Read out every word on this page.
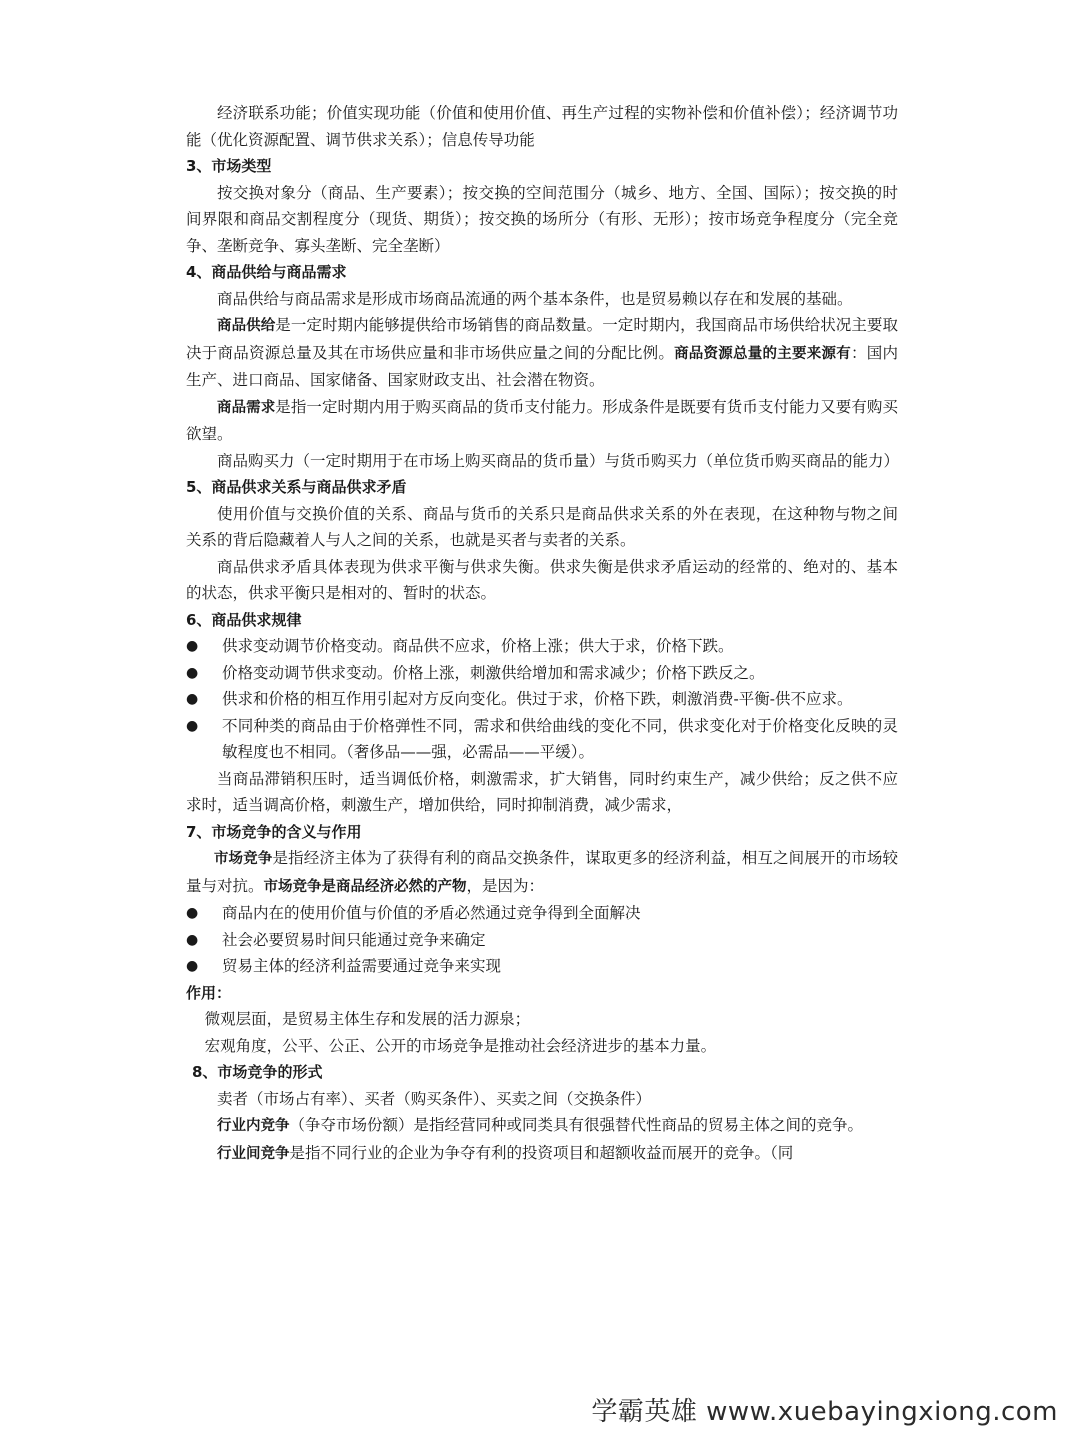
经济联系功能；价值实现功能（价值和使用价值、再生产过程的实物补偿和价值补偿）；经济调节功能（优化资源配置、调节供求关系）；信息传导功能

3、市场类型

按交换对象分（商品、生产要素）；按交换的空间范围分（城乡、地方、全国、国际）；按交换的时间界限和商品交割程度分（现货、期货）；按交换的场所分（有形、无形）；按市场竞争程度分（完全竞争、垄断竞争、寡头垄断、完全垄断）

4、商品供给与商品需求

商品供给与商品需求是形成市场商品流通的两个基本条件，也是贸易赖以存在和发展的基础。

商品供给是一定时期内能够提供给市场销售的商品数量。一定时期内，我国商品市场供给状况主要取决于商品资源总量及其在市场供应量和非市场供应量之间的分配比例。商品资源总量的主要来源有：国内生产、进口商品、国家储备、国家财政支出、社会潜在物资。

商品需求是指一定时期内用于购买商品的货币支付能力。形成条件是既要有货币支付能力又要有购买欲望。

商品购买力（一定时期用于在市场上购买商品的货币量）与货币购买力（单位货币购买商品的能力）

5、商品供求关系与商品供求矛盾

使用价值与交换价值的关系、商品与货币的关系只是商品供求关系的外在表现，在这种物与物之间关系的背后隐藏着人与人之间的关系，也就是买者与卖者的关系。

商品供求矛盾具体表现为供求平衡与供求失衡。供求失衡是供求矛盾运动的经常的、绝对的、基本的状态，供求平衡只是相对的、暂时的状态。

6、商品供求规律

● 供求变动调节价格变动。商品供不应求，价格上涨；供大于求，价格下跌。
● 价格变动调节供求变动。价格上涨，刺激供给增加和需求减少；价格下跌反之。
● 供求和价格的相互作用引起对方反向变化。供过于求，价格下跌，刺激消费-平衡-供不应求。
● 不同种类的商品由于价格弹性不同，需求和供给曲线的变化不同，供求变化对于价格变化反映的灵敏程度也不相同。（奢侈品——强，必需品——平缓）。

当商品滞销积压时，适当调低价格，刺激需求，扩大销售，同时约束生产，减少供给；反之供不应求时，适当调高价格，刺激生产，增加供给，同时抑制消费，减少需求，

7、市场竞争的含义与作用

市场竞争是指经济主体为了获得有利的商品交换条件，谋取更多的经济利益，相互之间展开的市场较量与对抗。市场竞争是商品经济必然的产物，是因为：

● 商品内在的使用价值与价值的矛盾必然通过竞争得到全面解决
● 社会必要贸易时间只能通过竞争来确定
● 贸易主体的经济利益需要通过竞争来实现

作用：

微观层面，是贸易主体生存和发展的活力源泉；

宏观角度，公平、公正、公开的市场竞争是推动社会经济进步的基本力量。

8、市场竞争的形式

卖者（市场占有率）、买者（购买条件）、买卖之间（交换条件）

行业内竞争（争夺市场份额）是指经营同种或同类具有很强替代性商品的贸易主体之间的竞争。

行业间竞争是指不同行业的企业为争夺有利的投资项目和超额收益而展开的竞争。（同

学霸英雄 www.xuebayingxiong.com
